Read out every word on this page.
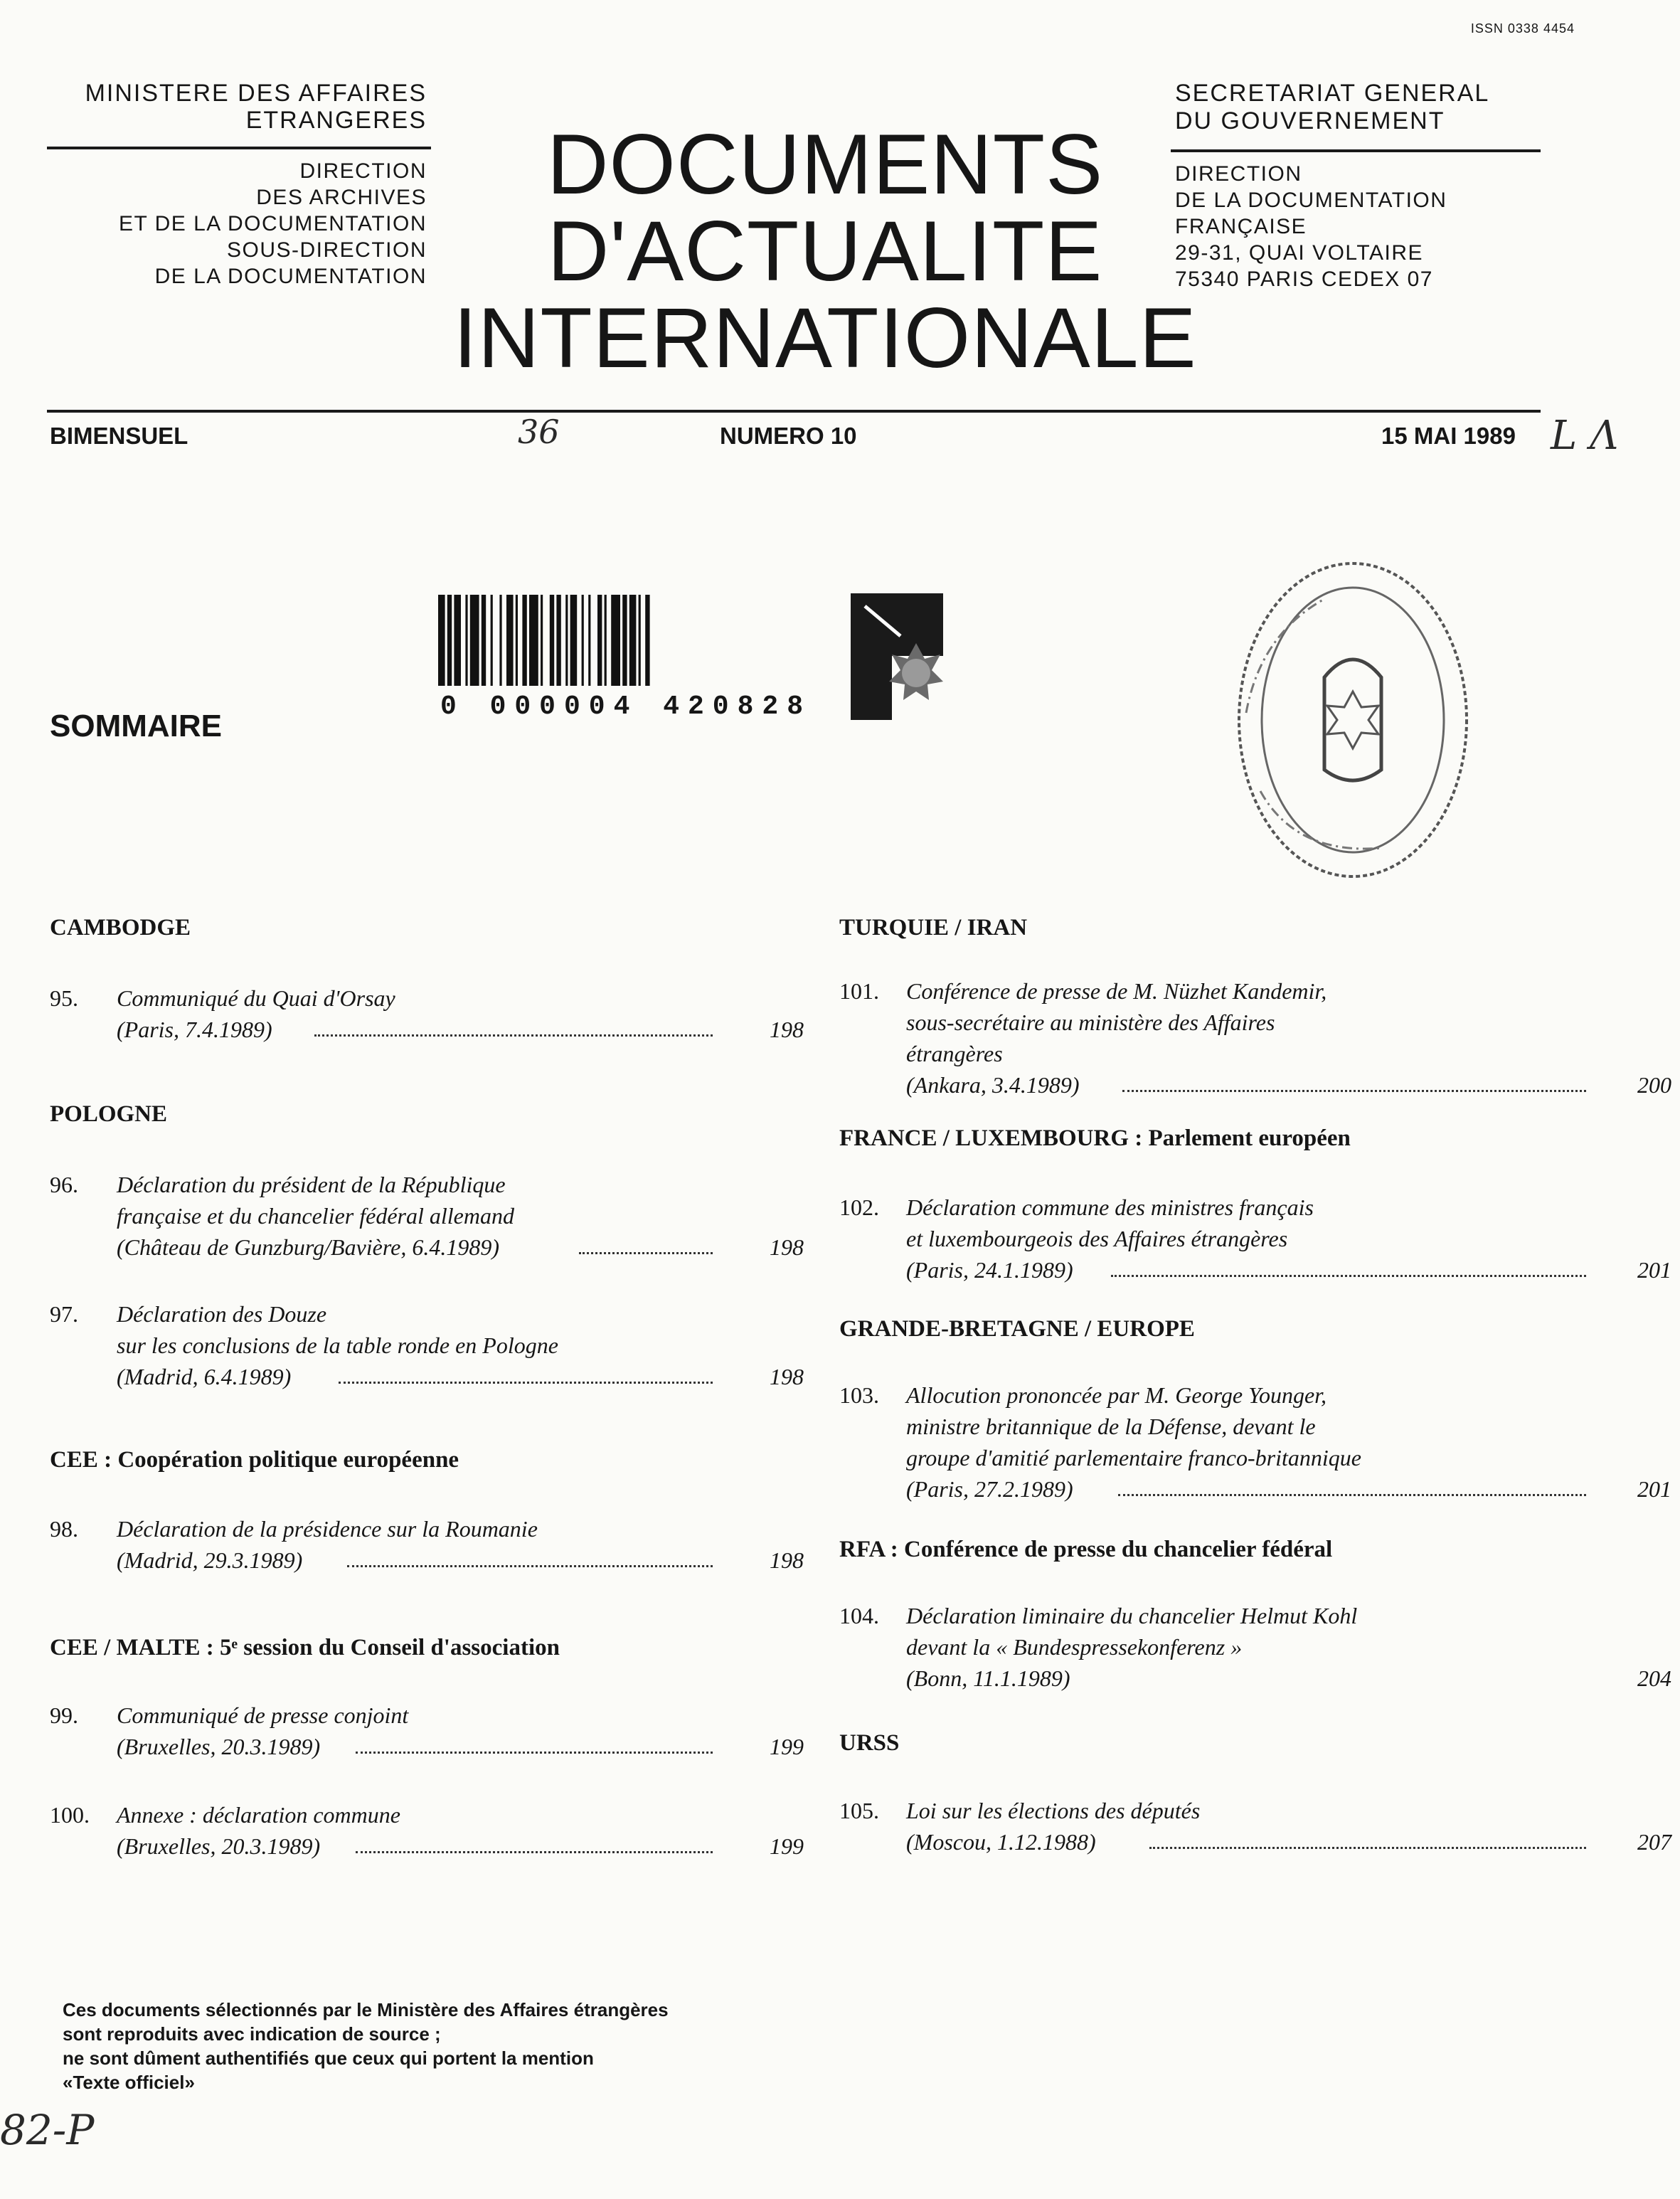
ISSN 0338 4454
MINISTERE DES AFFAIRES
ETRANGERES
DIRECTION
DES ARCHIVES
ET DE LA DOCUMENTATION
SOUS-DIRECTION
DE LA DOCUMENTATION
SECRETARIAT GENERAL
DU GOUVERNEMENT
DIRECTION
DE LA DOCUMENTATION
FRANÇAISE
29-31, QUAI VOLTAIRE
75340 PARIS CEDEX 07
DOCUMENTS
D'ACTUALITE
INTERNATIONALE
BIMENSUEL	36	NUMERO 10	15 MAI 1989 L Λ
0 000004 420828
SOMMAIRE
CAMBODGE
95. Communiqué du Quai d'Orsay
(Paris, 7.4.1989)	198
POLOGNE
96. Déclaration du président de la République
française et du chancelier fédéral allemand
(Château de Gunzburg/Bavière, 6.4.1989)	198
97. Déclaration des Douze
sur les conclusions de la table ronde en Pologne
(Madrid, 6.4.1989)	198
CEE : Coopération politique européenne
98. Déclaration de la présidence sur la Roumanie
(Madrid, 29.3.1989)	198
CEE / MALTE : 5ᵉ session du Conseil d'association
99. Communiqué de presse conjoint
(Bruxelles, 20.3.1989)	199
100. Annexe : déclaration commune
(Bruxelles, 20.3.1989)	199
TURQUIE / IRAN
101. Conférence de presse de M. Nüzhet Kandemir,
sous-secrétaire au ministère des Affaires
étrangères
(Ankara, 3.4.1989)	200
FRANCE / LUXEMBOURG : Parlement européen
102. Déclaration commune des ministres français
et luxembourgeois des Affaires étrangères
(Paris, 24.1.1989)	201
GRANDE-BRETAGNE / EUROPE
103. Allocution prononcée par M. George Younger,
ministre britannique de la Défense, devant le
groupe d'amitié parlementaire franco-britannique
(Paris, 27.2.1989)	201
RFA : Conférence de presse du chancelier fédéral
104. Déclaration liminaire du chancelier Helmut Kohl
devant la « Bundespressekonferenz »
(Bonn, 11.1.1989)	204
URSS
105. Loi sur les élections des députés
(Moscou, 1.12.1988)	207
Ces documents sélectionnés par le Ministère des Affaires étrangères
sont reproduits avec indication de source ;
ne sont dûment authentifiés que ceux qui portent la mention
«Texte officiel»
82-P
